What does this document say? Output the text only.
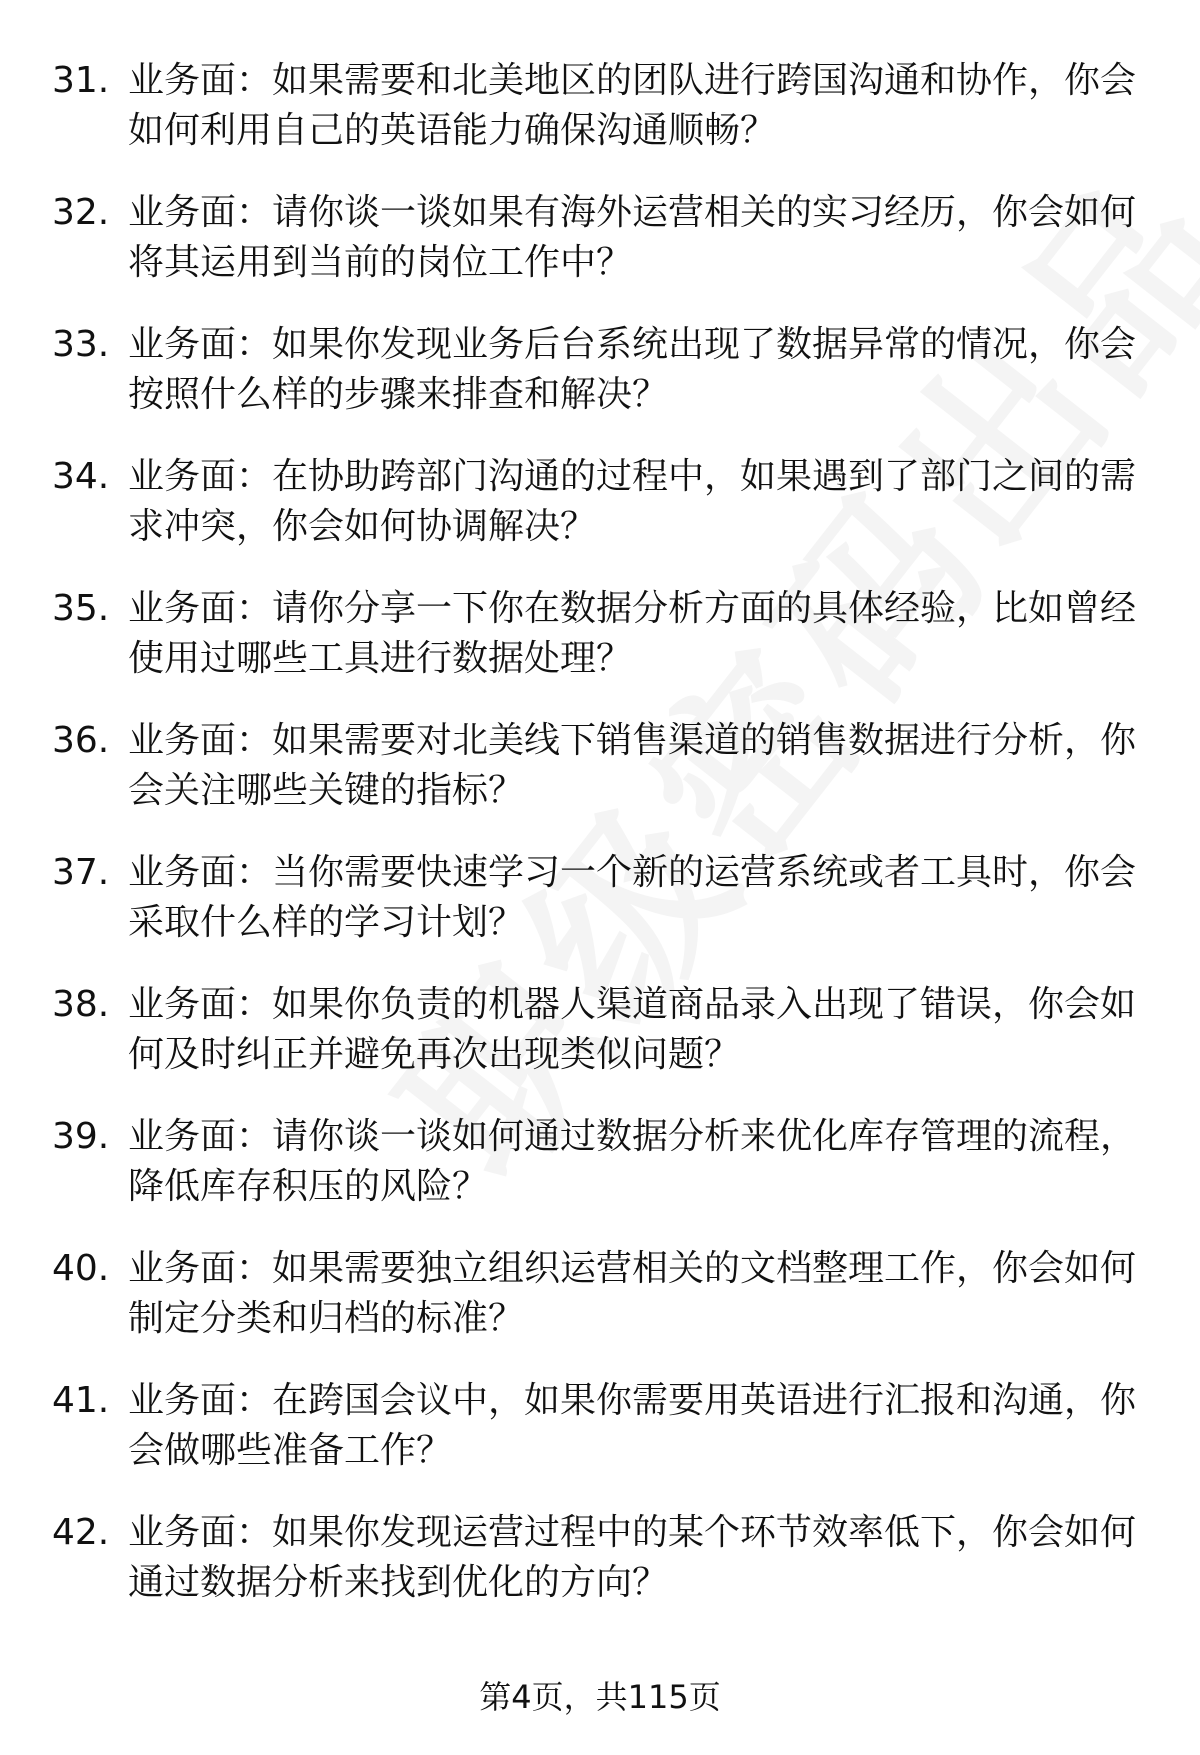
31. 业务面：如果需要和北美地区的团队进行跨国沟通和协作，你会如何利用自己的英语能力确保沟通顺畅？
32. 业务面：请你谈一谈如果有海外运营相关的实习经历，你会如何将其运用到当前的岗位工作中？
33. 业务面：如果你发现业务后台系统出现了数据异常的情况，你会按照什么样的步骤来排查和解决？
34. 业务面：在协助跨部门沟通的过程中，如果遇到了部门之间的需求冲突，你会如何协调解决？
35. 业务面：请你分享一下你在数据分析方面的具体经验，比如曾经使用过哪些工具进行数据处理？
36. 业务面：如果需要对北美线下销售渠道的销售数据进行分析，你会关注哪些关键的指标？
37. 业务面：当你需要快速学习一个新的运营系统或者工具时，你会采取什么样的学习计划？
38. 业务面：如果你负责的机器人渠道商品录入出现了错误，你会如何及时纠正并避免再次出现类似问题？
39. 业务面：请你谈一谈如何通过数据分析来优化库存管理的流程，降低库存积压的风险？
40. 业务面：如果需要独立组织运营相关的文档整理工作，你会如何制定分类和归档的标准？
41. 业务面：在跨国会议中，如果你需要用英语进行汇报和沟通，你会做哪些准备工作？
42. 业务面：如果你发现运营过程中的某个环节效率低下，你会如何通过数据分析来找到优化的方向？
第4页，共115页
